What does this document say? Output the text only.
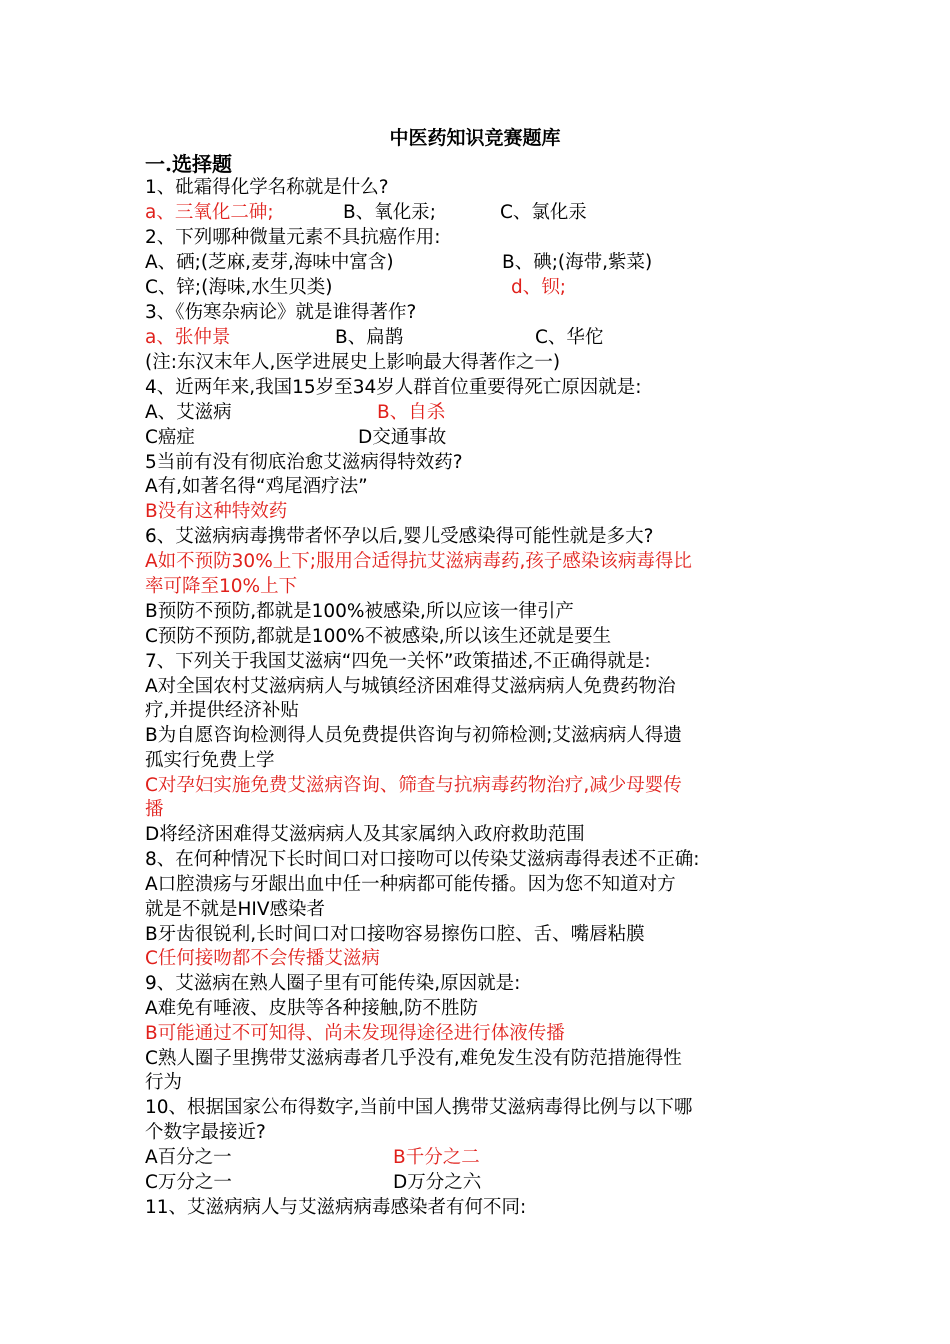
中医药知识竞赛题库
一.选择题
1、砒霜得化学名称就是什么?
a、三氧化二砷;	B、氧化汞;	C、氯化汞
2、下列哪种微量元素不具抗癌作用:
A、硒;(芝麻,麦芽,海味中富含)	B、碘;(海带,紫菜)
C、锌;(海味,水生贝类)	d、钡;
3、《伤寒杂病论》就是谁得著作?
a、张仲景	B、扁鹊	C、华佗
(注:东汉末年人,医学进展史上影响最大得著作之一)
4、近两年来,我国15岁至34岁人群首位重要得死亡原因就是:
A、艾滋病	B、自杀
C癌症	D交通事故
5当前有没有彻底治愈艾滋病得特效药?
A有,如著名得“鸡尾酒疗法”
B没有这种特效药
6、艾滋病病毒携带者怀孕以后,婴儿受感染得可能性就是多大?
A如不预防30%上下;服用合适得抗艾滋病毒药,孩子感染该病毒得比
率可降至10%上下
B预防不预防,都就是100%被感染,所以应该一律引产
C预防不预防,都就是100%不被感染,所以该生还就是要生
7、下列关于我国艾滋病“四免一关怀”政策描述,不正确得就是:
A对全国农村艾滋病病人与城镇经济困难得艾滋病病人免费药物治
疗,并提供经济补贴
B为自愿咨询检测得人员免费提供咨询与初筛检测;艾滋病病人得遗
孤实行免费上学
C对孕妇实施免费艾滋病咨询、筛查与抗病毒药物治疗,减少母婴传
播
D将经济困难得艾滋病病人及其家属纳入政府救助范围
8、在何种情况下长时间口对口接吻可以传染艾滋病毒得表述不正确:
A口腔溃疡与牙龈出血中任一种病都可能传播。因为您不知道对方
就是不就是HIV感染者
B牙齿很锐利,长时间口对口接吻容易擦伤口腔、舌、嘴唇粘膜
C任何接吻都不会传播艾滋病
9、艾滋病在熟人圈子里有可能传染,原因就是:
A难免有唾液、皮肤等各种接触,防不胜防
B可能通过不可知得、尚未发现得途径进行体液传播
C熟人圈子里携带艾滋病毒者几乎没有,难免发生没有防范措施得性
行为
10、根据国家公布得数字,当前中国人携带艾滋病毒得比例与以下哪
个数字最接近?
A百分之一	B千分之二
C万分之一	D万分之六
11、艾滋病病人与艾滋病病毒感染者有何不同:
